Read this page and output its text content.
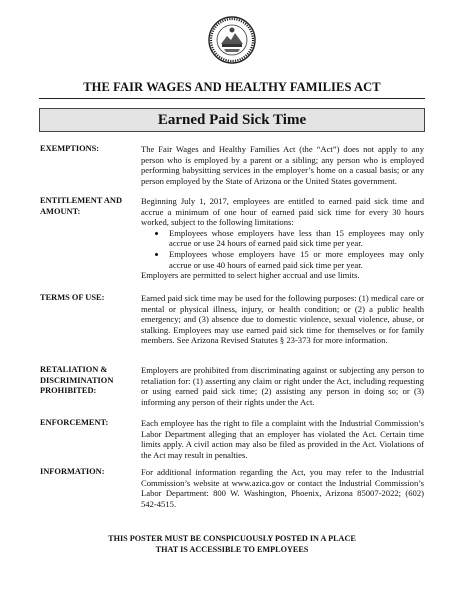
THE FAIR WAGES AND HEALTHY FAMILIES ACT
Earned Paid Sick Time
EXEMPTIONS:	The Fair Wages and Healthy Families Act (the “Act”) does not apply to any person who is employed by a parent or a sibling; any person who is employed performing babysitting services in the employer’s home on a casual basis; or any person employed by the State of Arizona or the United States government.

ENTITLEMENT AND AMOUNT:

Beginning July 1, 2017, employees are entitled to earned paid sick time and accrue a minimum of one hour of earned paid sick time for every 30 hours worked, subject to the following limitations:

• Employees whose employers have less than 15 employees may only accrue or use 24 hours of earned paid sick time per year.
• Employees whose employers have 15 or more employees may only accrue or use 40 hours of earned paid sick time per year.

Employers are permitted to select higher accrual and use limits.

TERMS OF USE:	Earned paid sick time may be used for the following purposes: (1) medical care or mental or physical illness, injury, or health condition; or (2) a public health emergency; and (3) absence due to domestic violence, sexual violence, abuse, or stalking. Employees may use earned paid sick time for themselves or for family members. See Arizona Revised Statutes § 23-373 for more information.

RETALIATION & DISCRIMINATION PROHIBITED:

Employers are prohibited from discriminating against or subjecting any person to retaliation for: (1) asserting any claim or right under the Act, including requesting or using earned paid sick time; (2) assisting any person in doing so; or (3) informing any person of their rights under the Act.

ENFORCEMENT:	Each employee has the right to file a complaint with the Industrial Commission’s Labor Department alleging that an employer has violated the Act. Certain time limits apply. A civil action may also be filed as provided in the Act. Violations of the Act may result in penalties.

INFORMATION:	For additional information regarding the Act, you may refer to the Industrial Commission’s website at www.azica.gov or contact the Industrial Commission’s Labor Department: 800 W. Washington, Phoenix, Arizona 85007-2022; (602) 542-4515.

THIS POSTER MUST BE CONSPICUOUSLY POSTED IN A PLACE
THAT IS ACCESSIBLE TO EMPLOYEES
